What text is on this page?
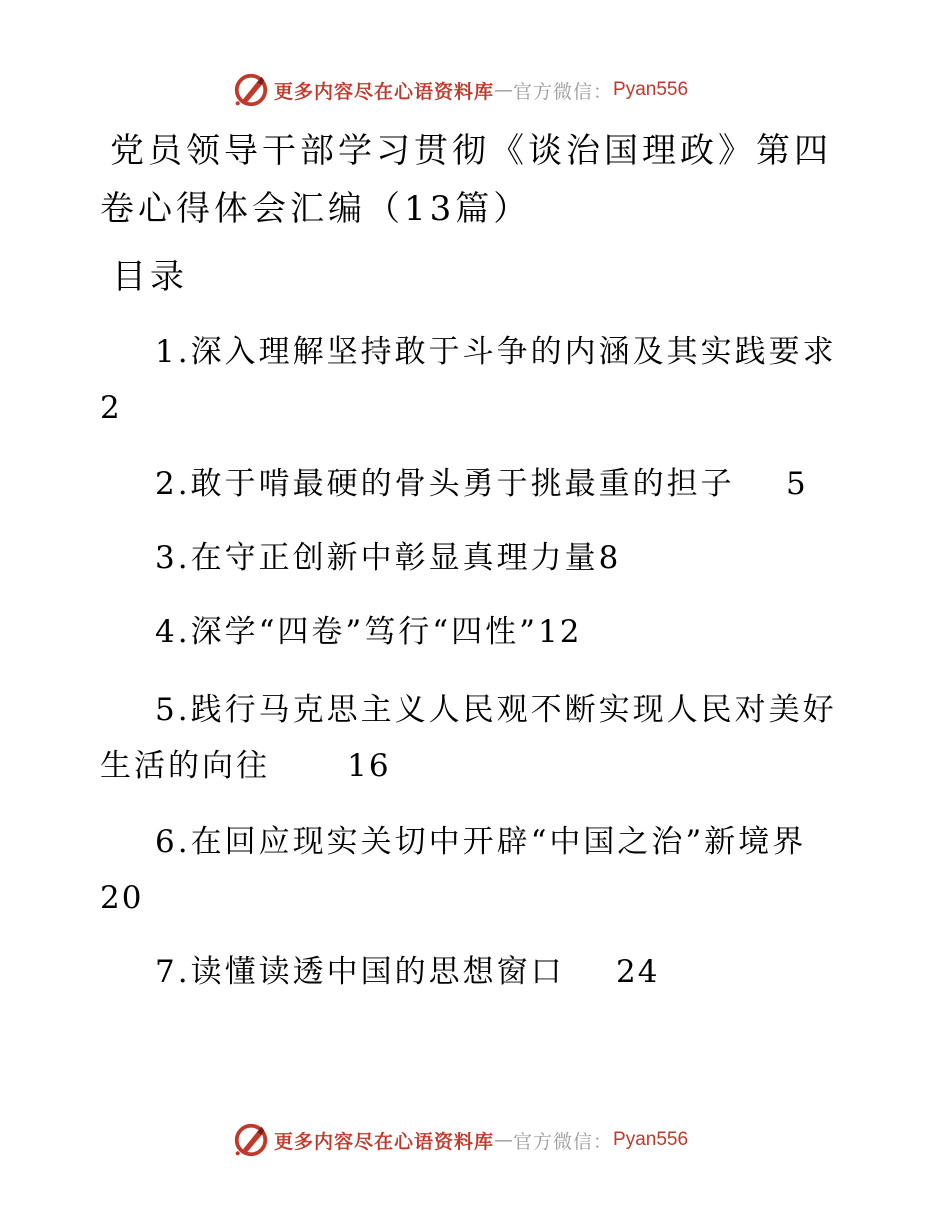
更多内容尽在心语资料库 — 官方微信： Pyan556
党员领导干部学习贯彻《谈治国理政》第四卷心得体会汇编（13篇）
目录
1.深入理解坚持敢于斗争的内涵及其实践要求
2
2.敢于啃最硬的骨头勇于挑最重的担子 5
3.在守正创新中彰显真理力量8
4.深学“四卷”笃行“四性”12
5.践行马克思主义人民观不断实现人民对美好生活的向往 16
6.在回应现实关切中开辟“中国之治”新境界
20
7.读懂读透中国的思想窗口 24
更多内容尽在心语资料库 — 官方微信： Pyan556
